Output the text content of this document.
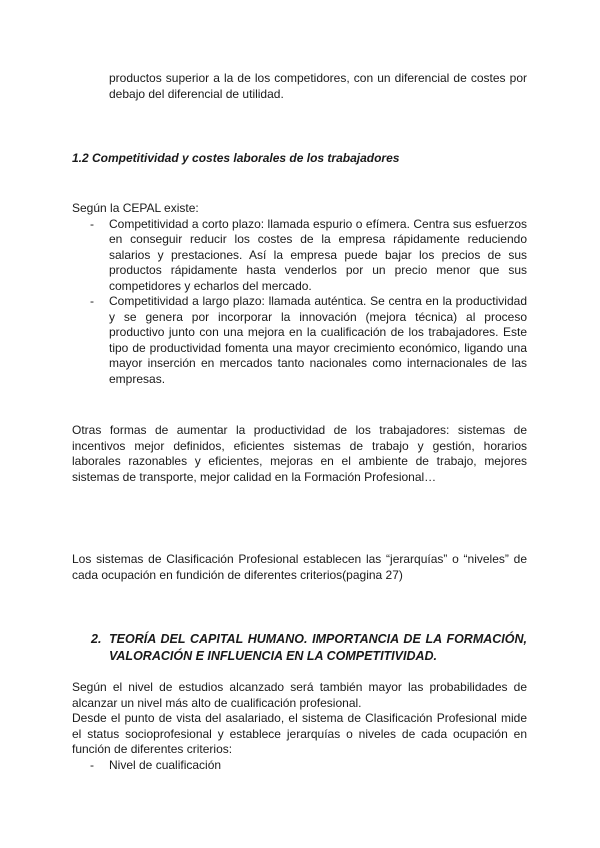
productos superior a la de los competidores, con un diferencial de costes por debajo del diferencial de utilidad.

1.2 Competitividad y costes laborales de los trabajadores

Según la CEPAL existe:

- Competitividad a corto plazo: llamada espurio o efímera. Centra sus esfuerzos en conseguir reducir los costes de la empresa rápidamente reduciendo salarios y prestaciones. Así la empresa puede bajar los precios de sus productos rápidamente hasta venderlos por un precio menor que sus competidores y echarlos del mercado.
- Competitividad a largo plazo: llamada auténtica. Se centra en la productividad y se genera por incorporar la innovación (mejora técnica) al proceso productivo junto con una mejora en la cualificación de los trabajadores. Este tipo de productividad fomenta una mayor crecimiento económico, ligando una mayor inserción en mercados tanto nacionales como internacionales de las empresas.

Otras formas de aumentar la productividad de los trabajadores: sistemas de incentivos mejor definidos, eficientes sistemas de trabajo y gestión, horarios laborales razonables y eficientes, mejoras en el ambiente de trabajo, mejores sistemas de transporte, mejor calidad en la Formación Profesional…

Los sistemas de Clasificación Profesional establecen las “jerarquías” o “niveles” de cada ocupación en fundición de diferentes criterios(pagina 27)

2. TEORÍA DEL CAPITAL HUMANO. IMPORTANCIA DE LA FORMACIÓN, VALORACIÓN E INFLUENCIA EN LA COMPETITIVIDAD.

Según el nivel de estudios alcanzado será también mayor las probabilidades de alcanzar un nivel más alto de cualificación profesional.

Desde el punto de vista del asalariado, el sistema de Clasificación Profesional mide el status socioprofesional y establece jerarquías o niveles de cada ocupación en función de diferentes criterios:

- Nivel de cualificación
